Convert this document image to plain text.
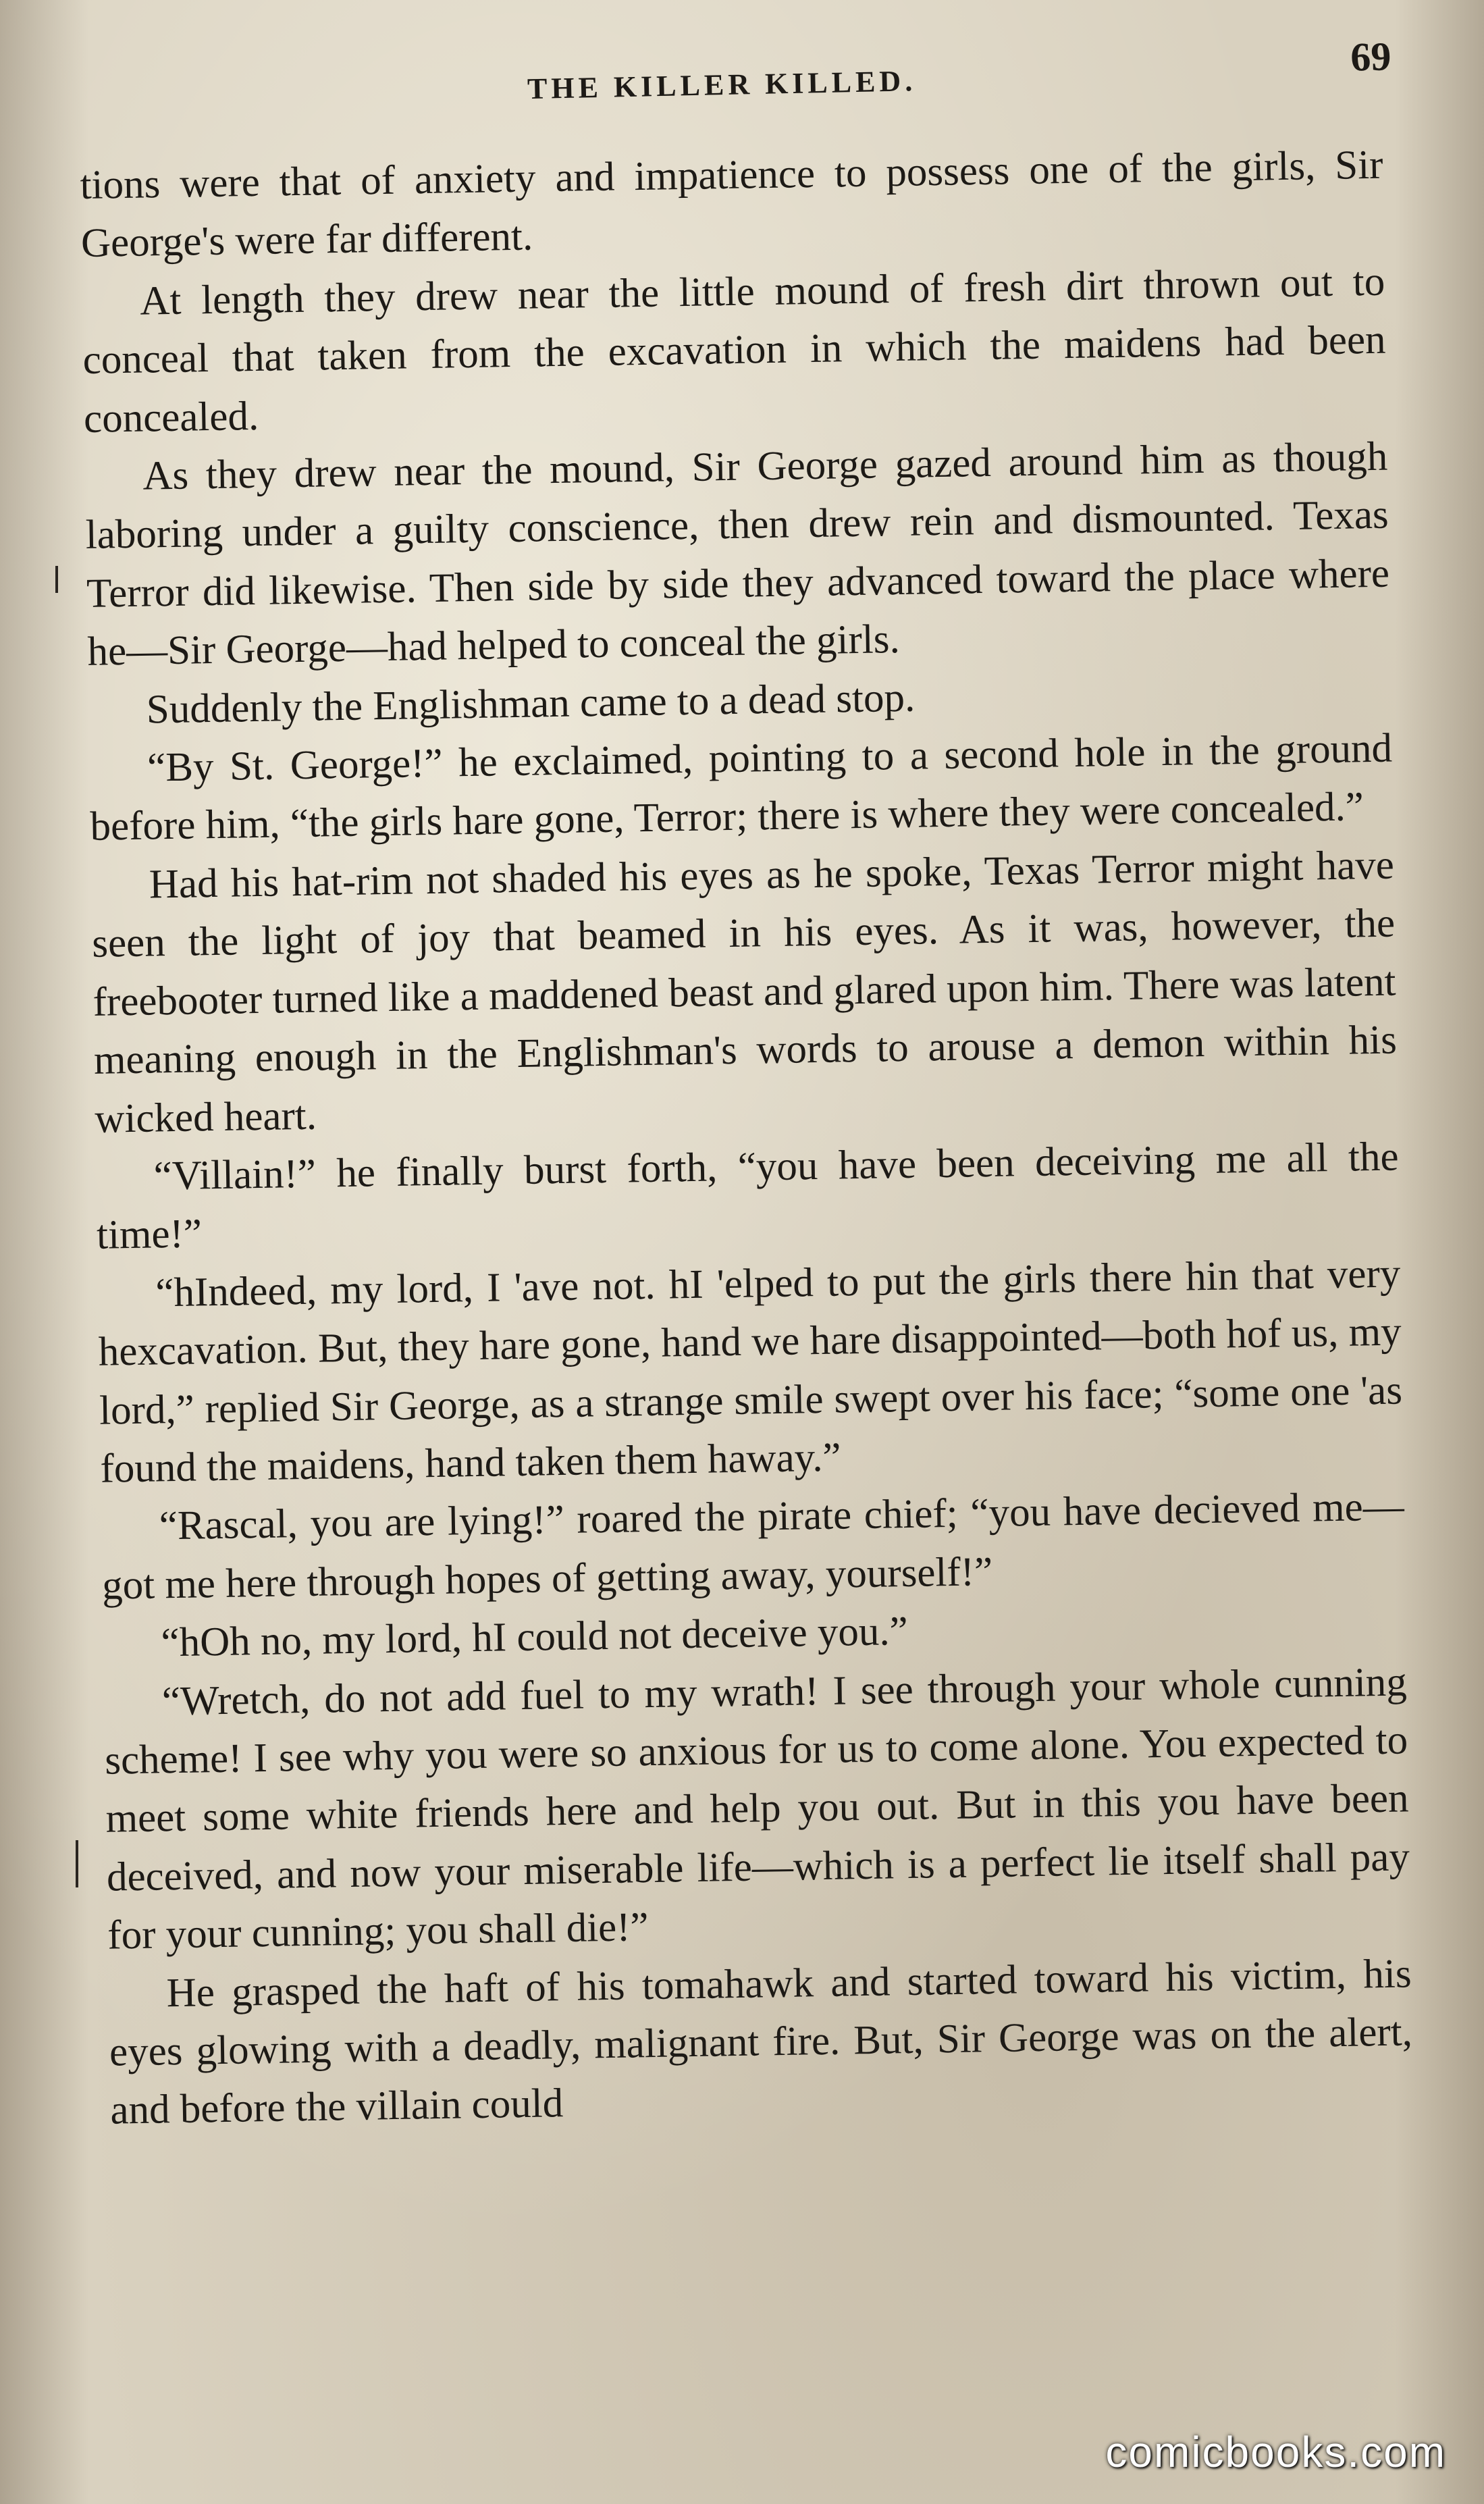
THE KILLER KILLED.
69

tions were that of anxiety and impatience to possess one of the girls, Sir George's were far different.

At length they drew near the little mound of fresh dirt thrown out to conceal that taken from the excavation in which the maidens had been concealed.

As they drew near the mound, Sir George gazed around him as though laboring under a guilty conscience, then drew rein and dismounted. Texas Terror did likewise. Then side by side they advanced toward the place where he—Sir George—had helped to conceal the girls.

Suddenly the Englishman came to a dead stop.

“By St. George!” he exclaimed, pointing to a second hole in the ground before him, “the girls hare gone, Terror; there is where they were concealed.”

Had his hat-rim not shaded his eyes as he spoke, Texas Terror might have seen the light of joy that beamed in his eyes. As it was, however, the freebooter turned like a maddened beast and glared upon him. There was latent meaning enough in the Englishman's words to arouse a demon within his wicked heart.

“Villain!” he finally burst forth, “you have been deceiving me all the time!”

“hIndeed, my lord, I 'ave not. hI 'elped to put the girls there hin that very hexcavation. But, they hare gone, hand we hare disappointed—both hof us, my lord,” replied Sir George, as a strange smile swept over his face; “some one 'as found the maidens, hand taken them haway.”

“Rascal, you are lying!” roared the pirate chief; “you have decieved me—got me here through hopes of getting away, yourself!”

“hOh no, my lord, hI could not deceive you.”

“Wretch, do not add fuel to my wrath! I see through your whole cunning scheme! I see why you were so anxious for us to come alone. You expected to meet some white friends here and help you out. But in this you have been deceived, and now your miserable life—which is a perfect lie itself shall pay for your cunning; you shall die!”

He grasped the haft of his tomahawk and started toward his victim, his eyes glowing with a deadly, malignant fire. But, Sir George was on the alert, and before the villain could

comicbooks.com
